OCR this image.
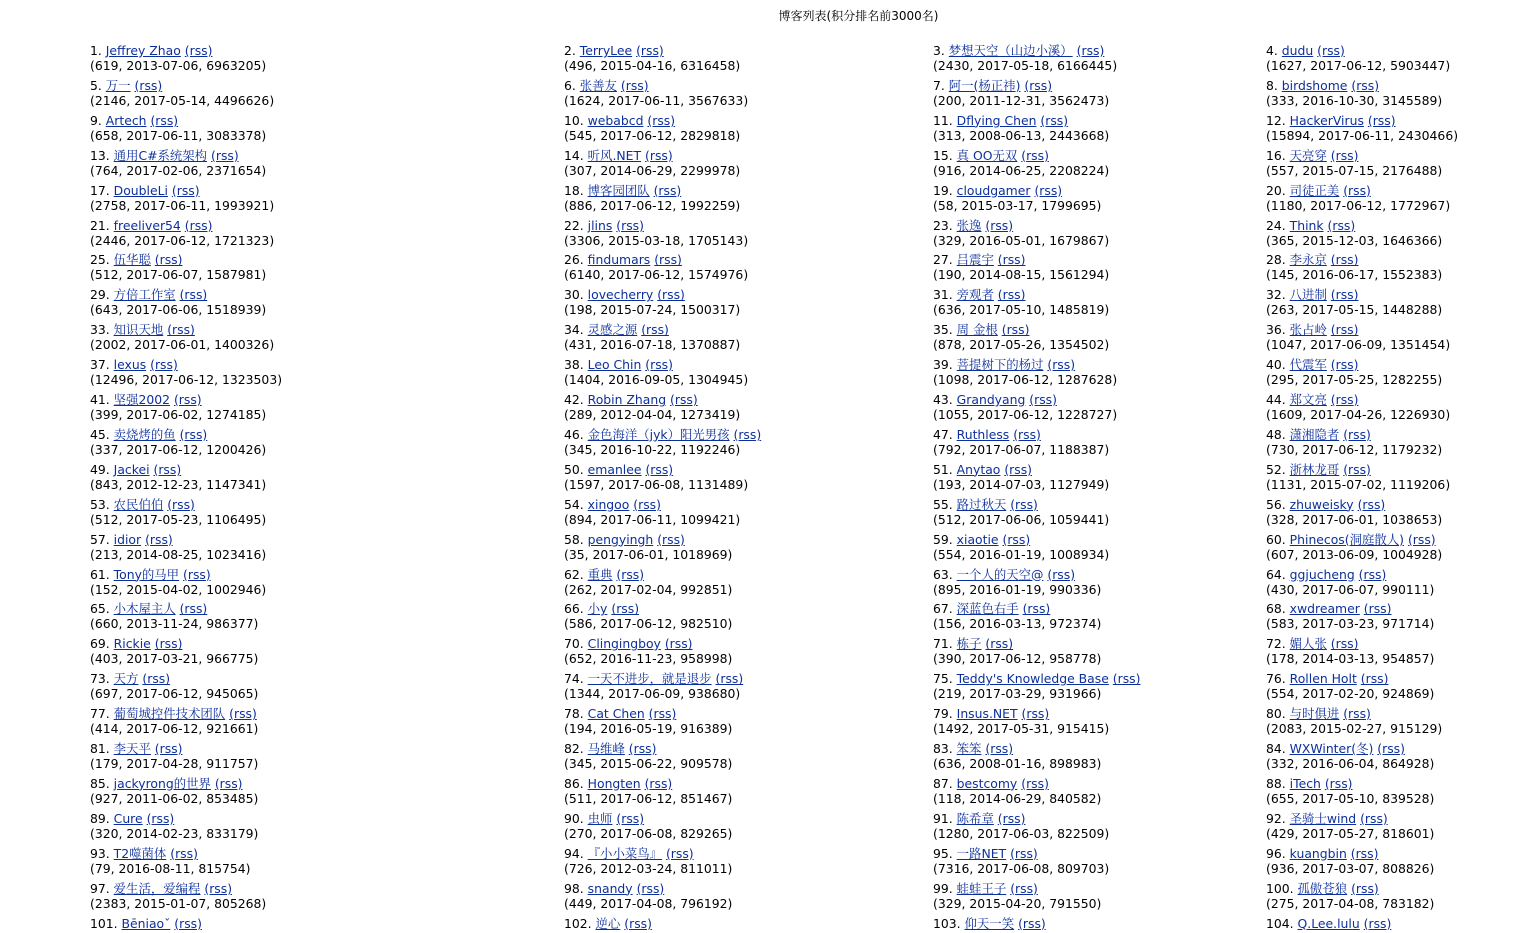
博客列表(积分排名前3000名)
1. Jeffrey Zhao (rss)
(619, 2013-07-06, 6963205)
2. TerryLee (rss)
(496, 2015-04-16, 6316458)
3. 梦想天空（山边小溪） (rss)
(2430, 2017-05-18, 6166445)
4. dudu (rss)
(1627, 2017-06-12, 5903447)
5. 万一 (rss)
(2146, 2017-05-14, 4496626)
6. 张善友 (rss)
(1624, 2017-06-11, 3567633)
7. 阿一(杨正祎) (rss)
(200, 2011-12-31, 3562473)
8. birdshome (rss)
(333, 2016-10-30, 3145589)
9. Artech (rss)
(658, 2017-06-11, 3083378)
10. webabcd (rss)
(545, 2017-06-12, 2829818)
11. Dflying Chen (rss)
(313, 2008-06-13, 2443668)
12. HackerVirus (rss)
(15894, 2017-06-11, 2430466)
13. 通用C#系统架构 (rss)
(764, 2017-02-06, 2371654)
14. 听风.NET (rss)
(307, 2014-06-29, 2299978)
15. 真 OO无双 (rss)
(916, 2014-06-25, 2208224)
16. 天亮穿 (rss)
(557, 2015-07-15, 2176488)
17. DoubleLi (rss)
(2758, 2017-06-11, 1993921)
18. 博客园团队 (rss)
(886, 2017-06-12, 1992259)
19. cloudgamer (rss)
(58, 2015-03-17, 1799695)
20. 司徒正美 (rss)
(1180, 2017-06-12, 1772967)
21. freeliver54 (rss)
(2446, 2017-06-12, 1721323)
22. jlins (rss)
(3306, 2015-03-18, 1705143)
23. 张逸 (rss)
(329, 2016-05-01, 1679867)
24. Think (rss)
(365, 2015-12-03, 1646366)
25. 伍华聪 (rss)
(512, 2017-06-07, 1587981)
26. findumars (rss)
(6140, 2017-06-12, 1574976)
27. 吕震宇 (rss)
(190, 2014-08-15, 1561294)
28. 李永京 (rss)
(145, 2016-06-17, 1552383)
29. 方倍工作室 (rss)
(643, 2017-06-06, 1518939)
30. lovecherry (rss)
(198, 2015-07-24, 1500317)
31. 旁观者 (rss)
(636, 2017-05-10, 1485819)
32. 八进制 (rss)
(263, 2017-05-15, 1448288)
33. 知识天地 (rss)
(2002, 2017-06-01, 1400326)
34. 灵感之源 (rss)
(431, 2016-07-18, 1370887)
35. 周 金根 (rss)
(878, 2017-05-26, 1354502)
36. 张占岭 (rss)
(1047, 2017-06-09, 1351454)
37. lexus (rss)
(12496, 2017-06-12, 1323503)
38. Leo Chin (rss)
(1404, 2016-09-05, 1304945)
39. 菩提树下的杨过 (rss)
(1098, 2017-06-12, 1287628)
40. 代震军 (rss)
(295, 2017-05-25, 1282255)
41. 坚强2002 (rss)
(399, 2017-06-02, 1274185)
42. Robin Zhang (rss)
(289, 2012-04-04, 1273419)
43. Grandyang (rss)
(1055, 2017-06-12, 1228727)
44. 郑文亮 (rss)
(1609, 2017-04-26, 1226930)
45. 卖烧烤的鱼 (rss)
(337, 2017-06-12, 1200426)
46. 金色海洋（jyk）阳光男孩 (rss)
(345, 2016-10-22, 1192246)
47. Ruthless (rss)
(792, 2017-06-07, 1188387)
48. 潇湘隐者 (rss)
(730, 2017-06-12, 1179232)
49. Jackei (rss)
(843, 2012-12-23, 1147341)
50. emanlee (rss)
(1597, 2017-06-08, 1131489)
51. Anytao (rss)
(193, 2014-07-03, 1127949)
52. 浙林龙哥 (rss)
(1131, 2015-07-02, 1119206)
53. 农民伯伯 (rss)
(512, 2017-05-23, 1106495)
54. xingoo (rss)
(894, 2017-06-11, 1099421)
55. 路过秋天 (rss)
(512, 2017-06-06, 1059441)
56. zhuweisky (rss)
(328, 2017-06-01, 1038653)
57. idior (rss)
(213, 2014-08-25, 1023416)
58. pengyingh (rss)
(35, 2017-06-01, 1018969)
59. xiaotie (rss)
(554, 2016-01-19, 1008934)
60. Phinecos(洞庭散人) (rss)
(607, 2013-06-09, 1004928)
61. Tony的马甲 (rss)
(152, 2015-04-02, 1002946)
62. 重典 (rss)
(262, 2017-02-04, 992851)
63. 一个人的天空@ (rss)
(895, 2016-01-19, 990336)
64. ggjucheng (rss)
(430, 2017-06-07, 990111)
65. 小木屋主人 (rss)
(660, 2013-11-24, 986377)
66. 小y (rss)
(586, 2017-06-12, 982510)
67. 深蓝色右手 (rss)
(156, 2016-03-13, 972374)
68. xwdreamer (rss)
(583, 2017-03-23, 971714)
69. Rickie (rss)
(403, 2017-03-21, 966775)
70. Clingingboy (rss)
(652, 2016-11-23, 958998)
71. 栋子 (rss)
(390, 2017-06-12, 958778)
72. 媚人张 (rss)
(178, 2014-03-13, 954857)
73. 天方 (rss)
(697, 2017-06-12, 945065)
74. 一天不进步，就是退步 (rss)
(1344, 2017-06-09, 938680)
75. Teddy's Knowledge Base (rss)
(219, 2017-03-29, 931966)
76. Rollen Holt (rss)
(554, 2017-02-20, 924869)
77. 葡萄城控件技术团队 (rss)
(414, 2017-06-12, 921661)
78. Cat Chen (rss)
(194, 2016-05-19, 916389)
79. Insus.NET (rss)
(1492, 2017-05-31, 915415)
80. 与时俱进 (rss)
(2083, 2015-02-27, 915129)
81. 李天平 (rss)
(179, 2017-04-28, 911757)
82. 马维峰 (rss)
(345, 2015-06-22, 909578)
83. 笨笨 (rss)
(636, 2008-01-16, 898983)
84. WXWinter(冬) (rss)
(332, 2016-06-04, 864928)
85. jackyrong的世界 (rss)
(927, 2011-06-02, 853485)
86. Hongten (rss)
(511, 2017-06-12, 851467)
87. bestcomy (rss)
(118, 2014-06-29, 840582)
88. iTech (rss)
(655, 2017-05-10, 839528)
89. Cure (rss)
(320, 2014-02-23, 833179)
90. 虫师 (rss)
(270, 2017-06-08, 829265)
91. 陈希章 (rss)
(1280, 2017-06-03, 822509)
92. 圣骑士wind (rss)
(429, 2017-05-27, 818601)
93. T2噬菌体 (rss)
(79, 2016-08-11, 815754)
94. 『小小菜鸟』 (rss)
(726, 2012-03-24, 811011)
95. 一路NET (rss)
(7316, 2017-06-08, 809703)
96. kuangbin (rss)
(936, 2017-03-07, 808826)
97. 爱生活，爱编程 (rss)
(2383, 2015-01-07, 805268)
98. snandy (rss)
(449, 2017-04-08, 796192)
99. 蛙蛙王子 (rss)
(329, 2015-04-20, 791550)
100. 孤傲苍狼 (rss)
(275, 2017-04-08, 783182)
101. Bēniaoˇ (rss)	102. 逆心 (rss)	103. 仰天一笑 (rss)	104. Q.Lee.lulu (rss)
